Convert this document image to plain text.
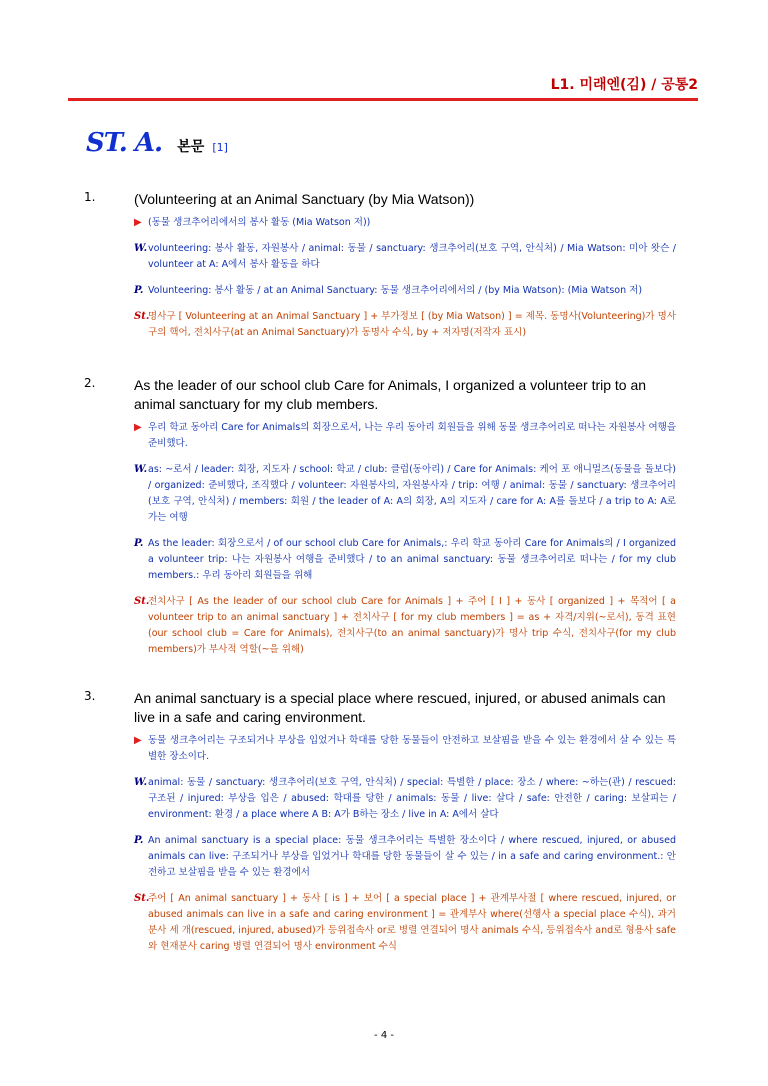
L1. 미래엔(김) / 공통2
ST. A. 본문 [1]
1.	(Volunteering at an Animal Sanctuary (by Mia Watson))
▶ (동물 생크추어리에서의 봉사 활동 (Mia Watson 저))
W. volunteering: 봉사 활동, 자원봉사 / animal: 동물 / sanctuary: 생크추어리(보호 구역, 안식처) / Mia Watson: 미아 왓슨 / volunteer at A: A에서 봉사 활동을 하다
P. Volunteering: 봉사 활동 / at an Animal Sanctuary: 동물 생크추어리에서의 / (by Mia Watson): (Mia Watson 저)
St.
명사구 [ Volunteering at an Animal Sanctuary ] + 부가정보 [ (by Mia Watson) ] = 제목. 동명사(Volunteering)가 명사구의 핵어, 전치사구(at an Animal Sanctuary)가 동명사 수식, by + 저자명(저작자 표시)
2.	As the leader of our school club Care for Animals, I organized a volunteer trip to an animal sanctuary for my club members.
▶ 우리 학교 동아리 Care for Animals의 회장으로서, 나는 우리 동아리 회원들을 위해 동물 생크추어리로 떠나는 자원봉사 여행을 준비했다.
W. as: ~로서 / leader: 회장, 지도자 / school: 학교 / club: 클럽(동아리) / Care for Animals: 케어 포 애니멀즈(동물을 돌보다) / organized: 준비했다, 조직했다 / volunteer: 자원봉사의, 자원봉사자 / trip: 여행 / animal: 동물 / sanctuary: 생크추어리(보호 구역, 안식처) / members: 회원 / the leader of A: A의 회장, A의 지도자 / care for A: A를 돌보다 / a trip to A: A로 가는 여행
P. As the leader: 회장으로서 / of our school club Care for Animals,: 우리 학교 동아리 Care for Animals의 / I organized a volunteer trip: 나는 자원봉사 여행을 준비했다 / to an animal sanctuary: 동물 생크추어리로 떠나는 / for my club members.: 우리 동아리 회원들을 위해
St.
전치사구 [ As the leader of our school club Care for Animals ] + 주어 [ I ] + 동사 [ organized ] + 목적어 [ a volunteer trip to an animal sanctuary ] + 전치사구 [ for my club members ] = as + 자격/지위(~로서), 동격 표현(our school club = Care for Animals), 전치사구(to an animal sanctuary)가 명사 trip 수식, 전치사구(for my club members)가 부사적 역할(~을 위해)
3.	An animal sanctuary is a special place where rescued, injured, or abused animals can live in a safe and caring environment.
▶ 동물 생크추어리는 구조되거나 부상을 입었거나 학대를 당한 동물들이 안전하고 보살핌을 받을 수 있는 환경에서 살 수 있는 특별한 장소이다.
W. animal: 동물 / sanctuary: 생크추어리(보호 구역, 안식처) / special: 특별한 / place: 장소 / where: ~하는(관) / rescued: 구조된 / injured: 부상을 입은 / abused: 학대를 당한 / animals: 동물 / live: 살다 / safe: 안전한 / caring: 보살피는 / environment: 환경 / a place where A B: A가 B하는 장소 / live in A: A에서 살다
P. An animal sanctuary is a special place: 동물 생크추어리는 특별한 장소이다 / where rescued, injured, or abused animals can live: 구조되거나 부상을 입었거나 학대를 당한 동물들이 살 수 있는 / in a safe and caring environment.: 안전하고 보살핌을 받을 수 있는 환경에서
St.
주어 [ An animal sanctuary ] + 동사 [ is ] + 보어 [ a special place ] + 관계부사절 [ where rescued, injured, or abused animals can live in a safe and caring environment ] = 관계부사 where(선행사 a special place 수식), 과거분사 세 개(rescued, injured, abused)가 등위접속사 or로 병렬 연결되어 명사 animals 수식, 등위접속사 and로 형용사 safe와 현재분사 caring 병렬 연결되어 명사 environment 수식
- 4 -
